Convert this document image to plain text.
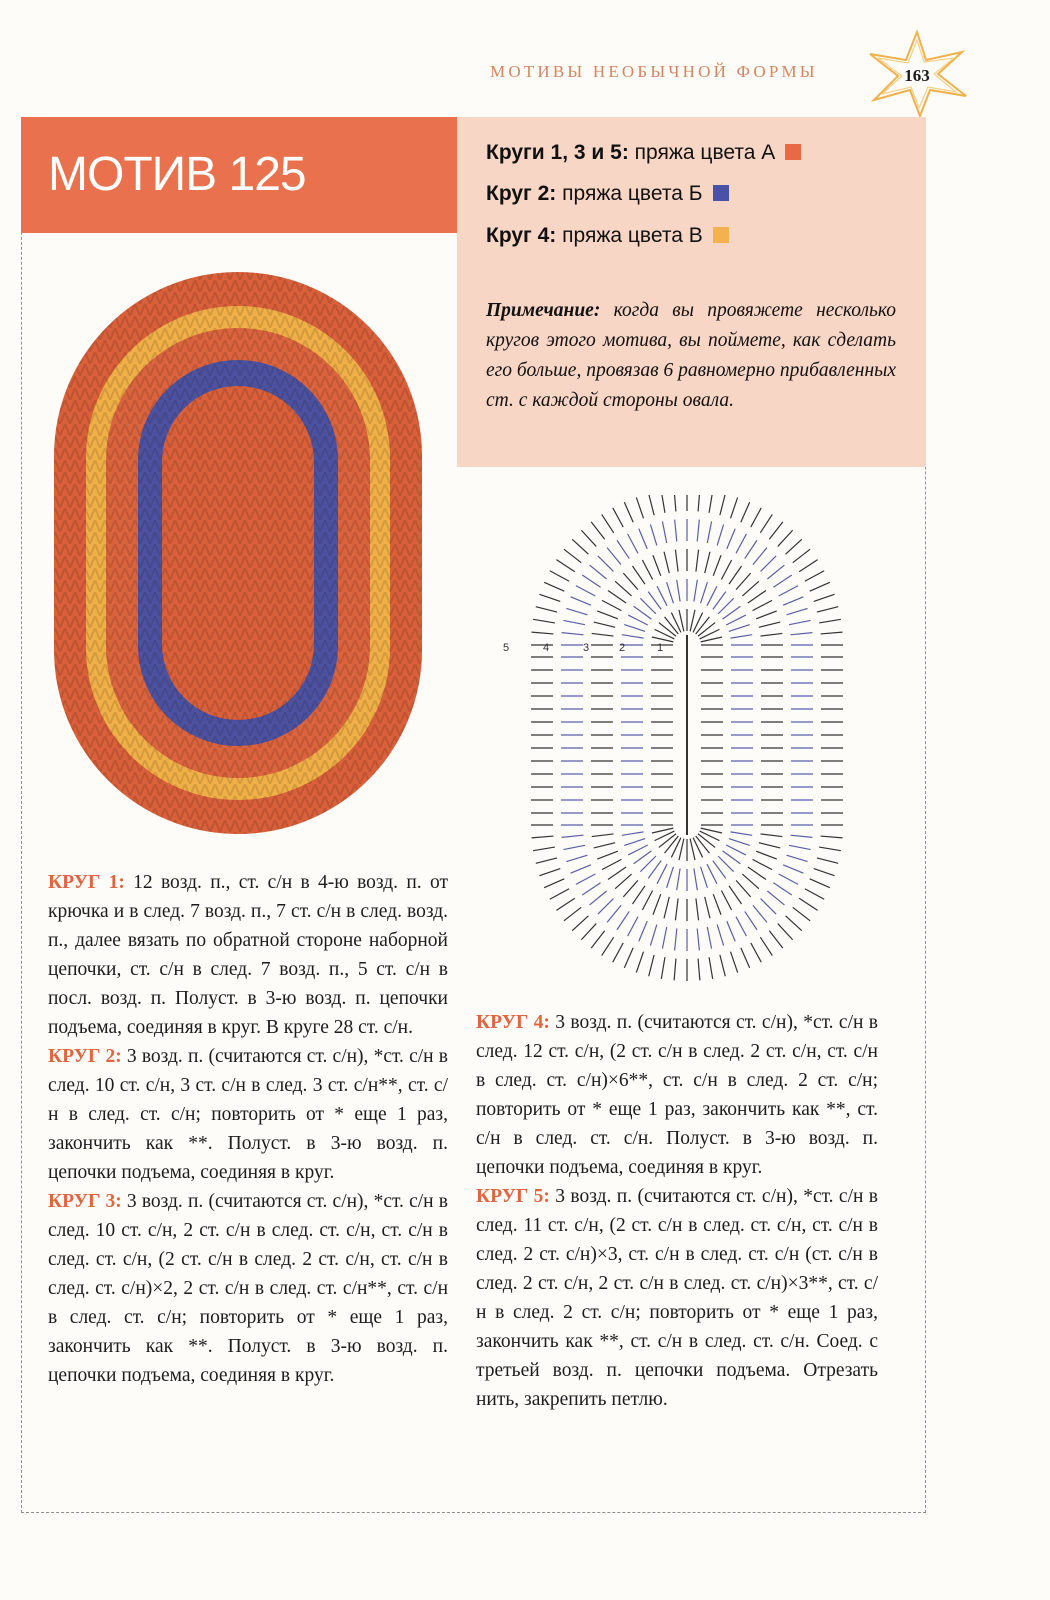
МОТИВЫ НЕОБЫЧНОЙ ФОРМЫ	163
МОТИВ 125	Круги 1, 3 и 5: пряжа цвета А
Круг 2: пряжа цвета Б
Круг 4: пряжа цвета В
Примечание: когда вы провяжете несколько кругов этого мотива, вы поймете, как сделать его больше, провязав 6 равномерно прибавленных ст. с каждой стороны овала.
5	4	3	2	1

КРУГ 1: 12 возд. п., ст. с/н в 4-ю возд. п. от крючка и в след. 7 возд. п., 7 ст. с/н в след. возд. п., далее вязать по обратной стороне наборной цепочки, ст. с/н в след. 7 возд. п., 5 ст. с/н в посл. возд. п. Полуст. в 3-ю возд. п. цепочки подъема, соединяя в круг. В круге 28 ст. с/н.

КРУГ 2: 3 возд. п. (считаются ст. с/н), *ст. с/н в след. 10 ст. с/н, 3 ст. с/н в след. 3 ст. с/н**, ст. с/н в след. ст. с/н; повторить от * еще 1 раз, закончить как **. Полуст. в 3-ю возд. п. цепочки подъема, соединяя в круг.

КРУГ 3: 3 возд. п. (считаются ст. с/н), *ст. с/н в след. 10 ст. с/н, 2 ст. с/н в след. ст. с/н, ст. с/н в след. ст. с/н, (2 ст. с/н в след. 2 ст. с/н, ст. с/н в след. ст. с/н)×2, 2 ст. с/н в след. ст. с/н**, ст. с/н в след. ст. с/н; повторить от * еще 1 раз, закончить как **. Полуст. в 3-ю возд. п. цепочки подъема, соединяя в круг.

КРУГ 4: 3 возд. п. (считаются ст. с/н), *ст. с/н в след. 12 ст. с/н, (2 ст. с/н в след. 2 ст. с/н, ст. с/н в след. ст. с/н)×6**, ст. с/н в след. 2 ст. с/н; повторить от * еще 1 раз, закончить как **, ст. с/н в след. ст. с/н. Полуст. в 3-ю возд. п. цепочки подъема, соединяя в круг.

КРУГ 5: 3 возд. п. (считаются ст. с/н), *ст. с/н в след. 11 ст. с/н, (2 ст. с/н в след. ст. с/н, ст. с/н в след. 2 ст. с/н)×3, ст. с/н в след. ст. с/н (ст. с/н в след. 2 ст. с/н, 2 ст. с/н в след. ст. с/н)×3**, ст. с/н в след. 2 ст. с/н; повторить от * еще 1 раз, закончить как **, ст. с/н в след. ст. с/н. Соед. с третьей возд. п. цепочки подъема. Отрезать нить, закрепить петлю.
